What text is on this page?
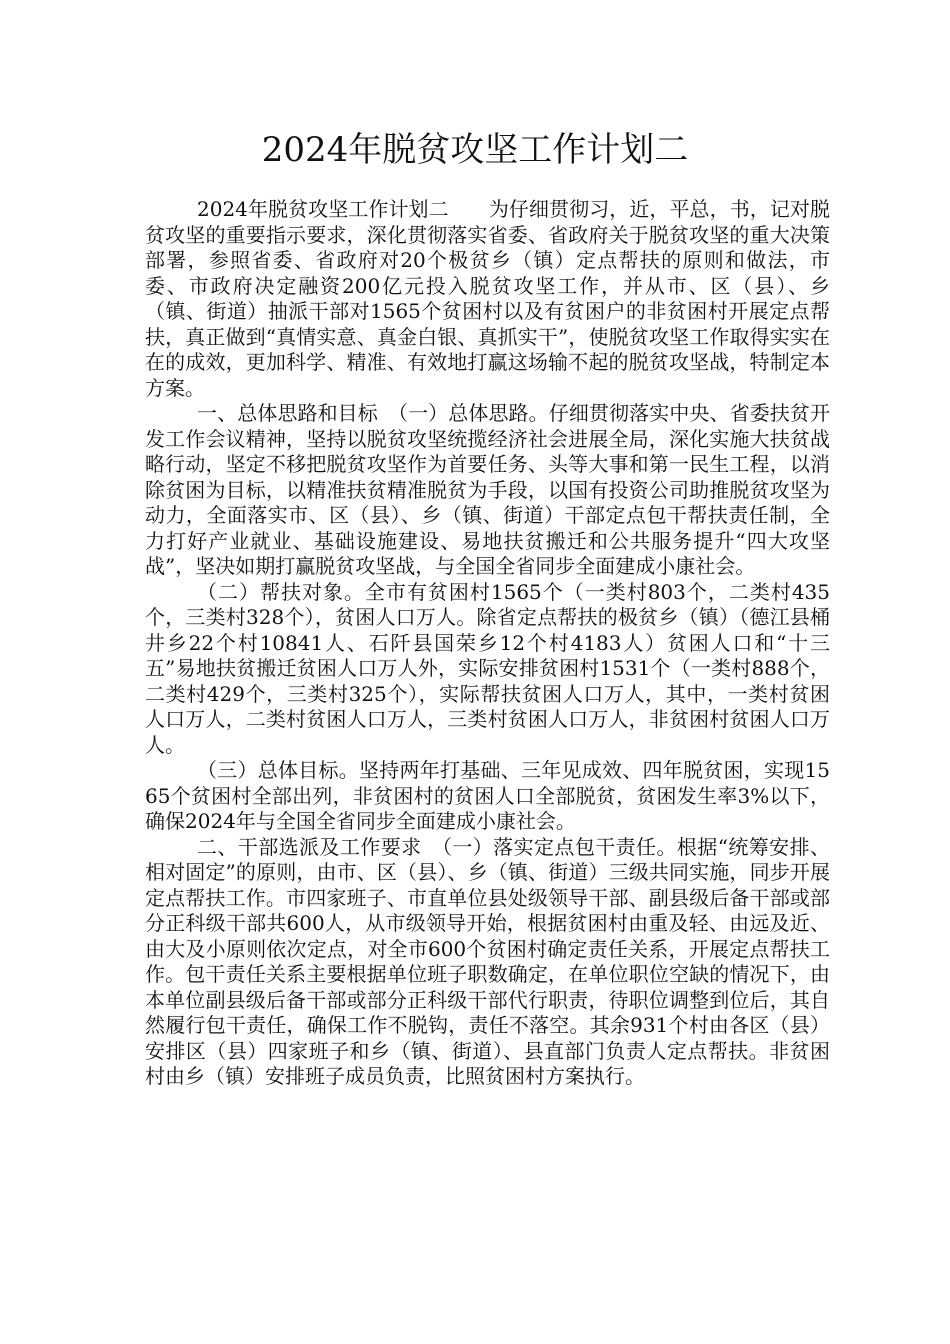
2024年脱贫攻坚工作计划二

2024年脱贫攻坚工作计划二　　为仔细贯彻习，近，平总，书，记对脱贫攻坚的重要指示要求，深化贯彻落实省委、省政府关于脱贫攻坚的重大决策部署，参照省委、省政府对20个极贫乡（镇）定点帮扶的原则和做法，市委、市政府决定融资200亿元投入脱贫攻坚工作，并从市、区（县）、乡（镇、街道）抽派干部对1565个贫困村以及有贫困户的非贫困村开展定点帮扶，真正做到“真情实意、真金白银、真抓实干”，使脱贫攻坚工作取得实实在在的成效，更加科学、精准、有效地打赢这场输不起的脱贫攻坚战，特制定本方案。

一、总体思路和目标　（一）总体思路。仔细贯彻落实中央、省委扶贫开发工作会议精神，坚持以脱贫攻坚统揽经济社会进展全局，深化实施大扶贫战略行动，坚定不移把脱贫攻坚作为首要任务、头等大事和第一民生工程，以消除贫困为目标，以精准扶贫精准脱贫为手段，以国有投资公司助推脱贫攻坚为动力，全面落实市、区（县）、乡（镇、街道）干部定点包干帮扶责任制，全力打好产业就业、基础设施建设、易地扶贫搬迁和公共服务提升“四大攻坚战”，坚决如期打赢脱贫攻坚战，与全国全省同步全面建成小康社会。

（二）帮扶对象。全市有贫困村1565个（一类村803个，二类村435个，三类村328个），贫困人口万人。除省定点帮扶的极贫乡（镇）（德江县桶井乡22个村10841人、石阡县国荣乡12个村4183人）贫困人口和“十三五”易地扶贫搬迁贫困人口万人外，实际安排贫困村1531个（一类村888个，二类村429个，三类村325个），实际帮扶贫困人口万人，其中，一类村贫困人口万人，二类村贫困人口万人，三类村贫困人口万人，非贫困村贫困人口万人。

（三）总体目标。坚持两年打基础、三年见成效、四年脱贫困，实现1565个贫困村全部出列，非贫困村的贫困人口全部脱贫，贫困发生率3%以下，确保2024年与全国全省同步全面建成小康社会。

二、干部选派及工作要求　（一）落实定点包干责任。根据“统筹安排、相对固定”的原则，由市、区（县）、乡（镇、街道）三级共同实施，同步开展定点帮扶工作。市四家班子、市直单位县处级领导干部、副县级后备干部或部分正科级干部共600人，从市级领导开始，根据贫困村由重及轻、由远及近、由大及小原则依次定点，对全市600个贫困村确定责任关系，开展定点帮扶工作。包干责任关系主要根据单位班子职数确定，在单位职位空缺的情况下，由本单位副县级后备干部或部分正科级干部代行职责，待职位调整到位后，其自然履行包干责任，确保工作不脱钩，责任不落空。其余931个村由各区（县）安排区（县）四家班子和乡（镇、街道）、县直部门负责人定点帮扶。非贫困村由乡（镇）安排班子成员负责，比照贫困村方案执行。
